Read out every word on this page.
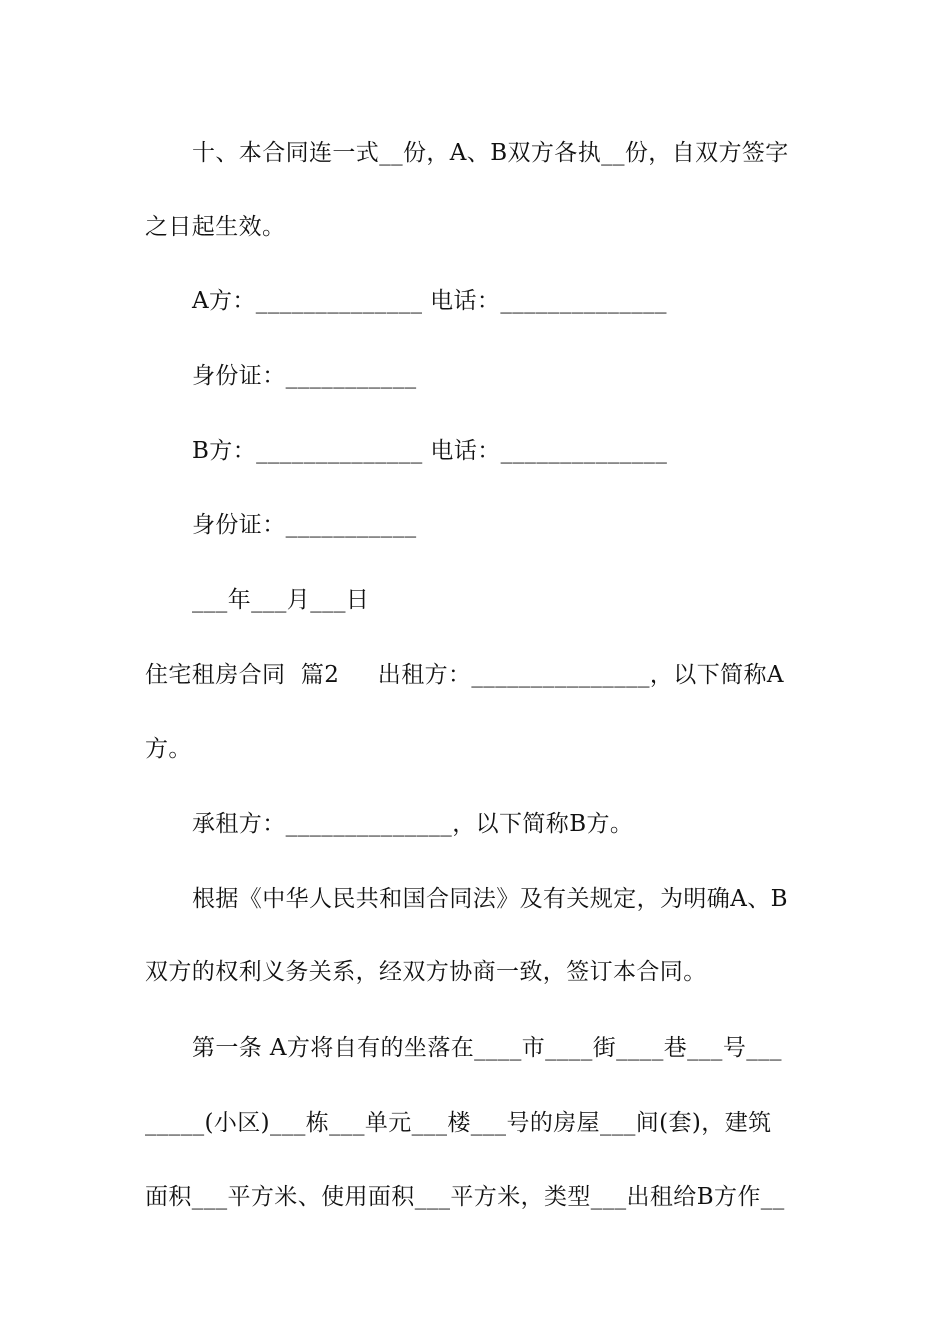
十、本合同连一式__份，A、B双方各执__份，自双方签字
之日起生效。
A方：______________ 电话：______________
身份证：___________
B方：______________ 电话：______________
身份证：___________
___年___月___日
住宅租房合同  篇2     出租方：_______________，以下简称A
方。
承租方：______________，以下简称B方。
根据《中华人民共和国合同法》及有关规定，为明确A、B
双方的权利义务关系，经双方协商一致，签订本合同。
第一条 A方将自有的坐落在____市____街____巷___号___
_____(小区)___栋___单元___楼___号的房屋___间(套)，建筑
面积___平方米、使用面积___平方米，类型___出租给B方作__
